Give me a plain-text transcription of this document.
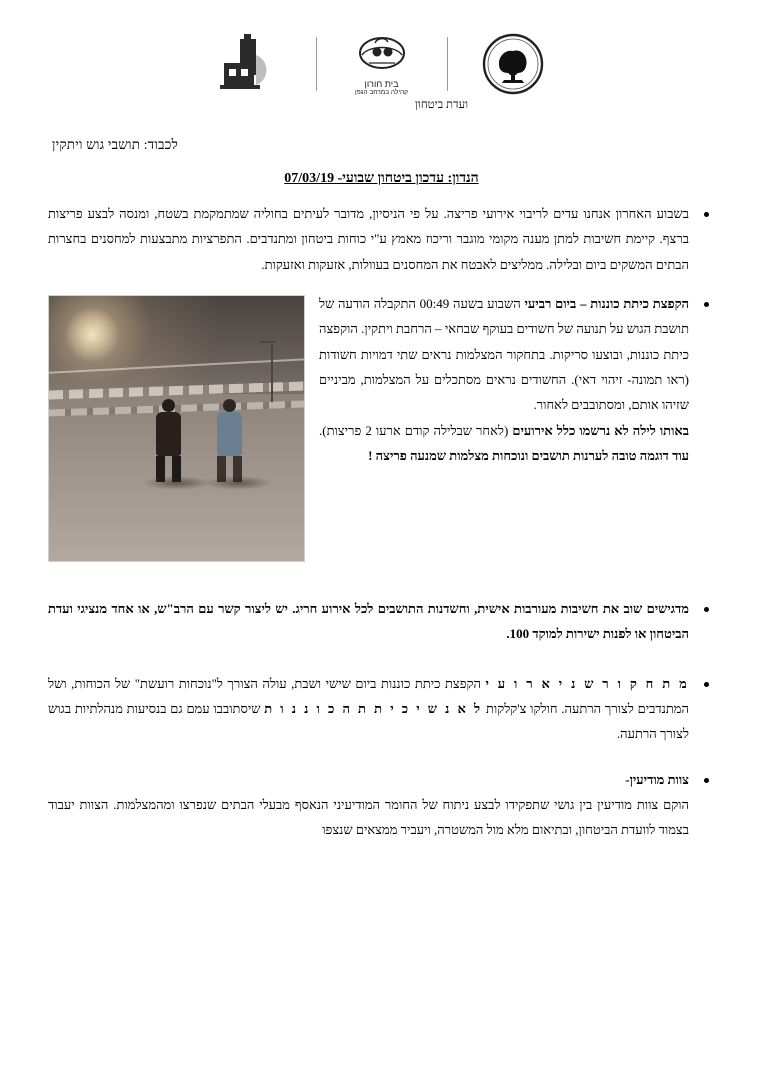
בית חורון
קהילה במרחב הגפן
ועדת ביטחון
לכבוד: תושבי גוש ויתקין
הנדון: עדכון ביטחון שבועי- 07/03/19
בשבוע האחרון אנחנו עדים לריבוי אירועי פריצה. על פי הניסיון, מדובר לעיתים בחוליה שמתמקמת בשטח, ומנסה לבצע פריצות ברצף. קיימת חשיבות למתן מענה מקומי מוגבר וריכוז מאמץ ע"י כוחות ביטחון ומתנדבים. התפרציות מתבצעות למחסנים בחצרות הבתים המשקים ביום ובלילה. ממליצים לאבטח את המחסנים בעוולות, אזעקות ואזעקות.
הקפצת כיתת כוננות – ביום רביעי השבוע בשעה 00:49 התקבלה הודעה של תושבת הגוש על תנועה של חשודים בעוקף שבחאי – הרחבת ויתקין. הוקפצה כיתת כוננות, ובוצעו סריקות. בתחקור המצלמות נראים שתי דמויות חשודות (ראו תמונה- זיהוי דאי). החשודים נראים מסתכלים על המצלמות, מביניים שזיהו אותם, ומסתובבים לאחור.
באותו לילה לא נרשמו כלל אירועים (לאחר שבלילה קודם ארעו 2 פריצות). עוד דוגמה טובה לערנות תושבים ונוכחות מצלמות שמנעה פריצה !
מדגישים שוב את חשיבות מעורבות אישית, וחשדנות התושבים לכל אירוע חריג. יש ליצור קשר עם הרב"ש, או אחד מנציגי ועדת הביטחון או לפנות ישירות למוקד 100.
מ ת ח ק ו ר ש נ י א ר ו ע י הקפצת כיתת כוננות ביום שישי ושבת, עולה הצורך ל"נוכחות רועשת" של הכוחות, ושל המתנדבים לצורך הרתעה. חולקו צ'קלקות ל א נ ש י כ י ת ת ה כ ו נ נ ו ת שיסתובבו עמם גם בנסיעות מנהלתיות בגוש לצורך הרתעה.
צוות מודיעין-
הוקם צוות מודיעין בין גושי שתפקידו לבצע ניתוח של החומר המודיעיני הנאסף מבעלי הבתים שנפרצו ומהמצלמות. הצוות יעבוד בצמוד לוועדת הביטחון, ובתיאום מלא מול המשטרה, ויעביר ממצאים שנצפו
